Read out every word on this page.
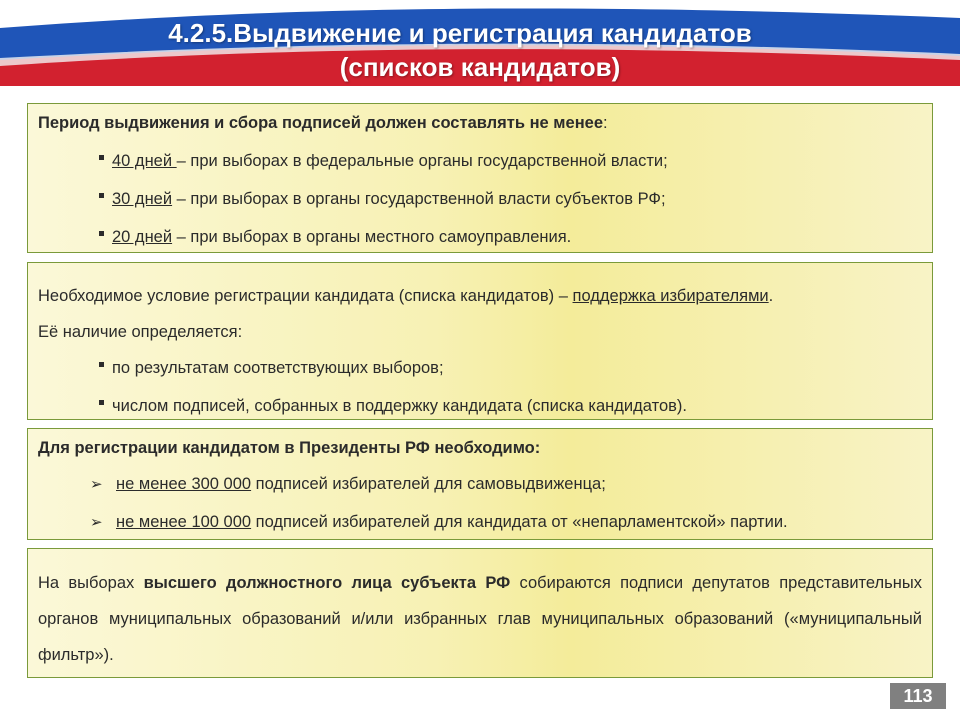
4.2.5.Выдвижение и регистрация кандидатов
(списков кандидатов)
Период выдвижения и сбора подписей должен составлять не менее:
40 дней – при выборах в федеральные органы государственной власти;
30 дней – при выборах в органы государственной власти субъектов РФ;
20 дней – при выборах в органы местного самоуправления.
Необходимое условие регистрации кандидата (списка кандидатов) – поддержка избирателями.
Её наличие определяется:
по результатам соответствующих выборов;
числом подписей, собранных в поддержку кандидата (списка кандидатов).
Для регистрации кандидатом в Президенты РФ необходимо:
➢ не менее 300 000 подписей избирателей для самовыдвиженца;
➢ не менее 100 000 подписей избирателей для кандидата от «непарламентской» партии.
На выборах высшего должностного лица субъекта РФ собираются подписи депутатов представительных органов муниципальных образований и/или избранных глав муниципальных образований («муниципальный фильтр»).
113
